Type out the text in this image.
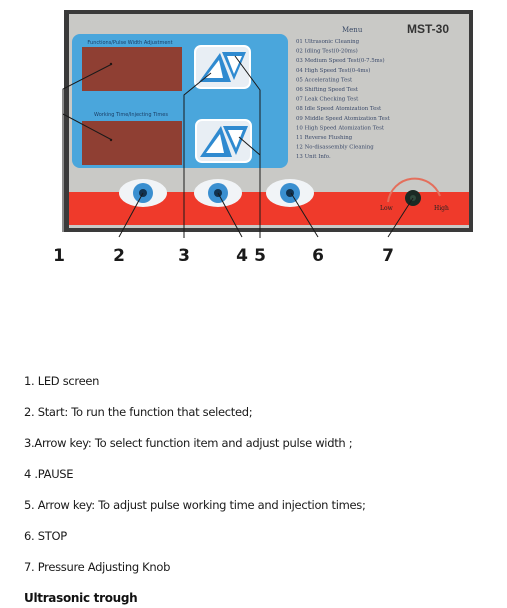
Functions/Pulse Width Adjustment
Working Time/Injecting Times
Menu	MST-30
01 Ultrasonic Cleaning
02 Idling Test(0-20ms)
03 Medium Speed Test(0-7.5ms)
04 High Speed Test(0-4ms)
05 Accelerating Test
06 Shifting Speed Test
07 Leak Checking Test
08 Idle Speed Atomization Test
09 Middle Speed Atomization Test
10 High Speed Atomization Test
11 Reverse Flushing
12 No-disassembly Cleaning
13 Unit Info.
Low	High
1	2	3	4 5	6	7
1. LED screen
2. Start: To run the function that selected;
3.Arrow key: To select function item and adjust pulse width ;
4 .PAUSE
5. Arrow key: To adjust pulse working time and injection times;
6. STOP
7. Pressure Adjusting Knob
Ultrasonic trough
